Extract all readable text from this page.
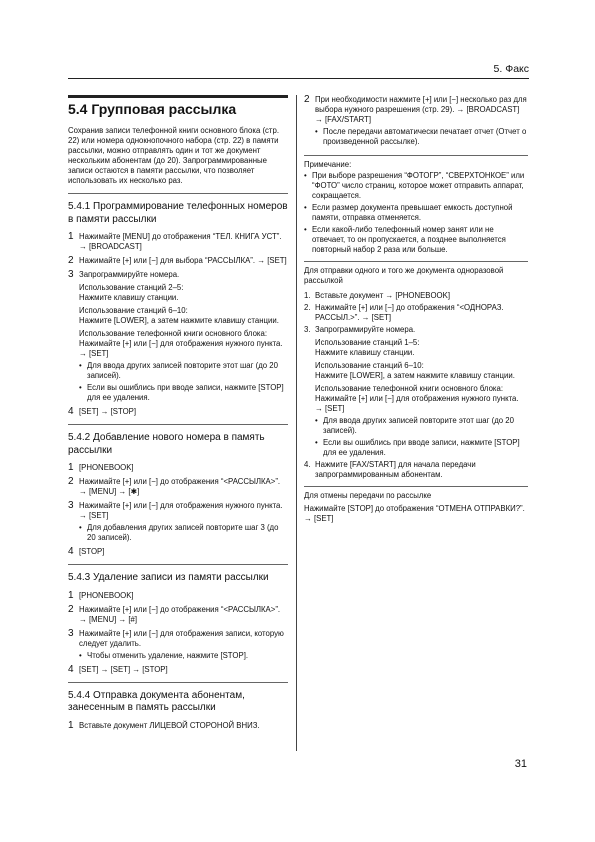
5. Факс
5.4 Групповая рассылка

Сохранив записи телефонной книги основного блока (стр. 22) или номера однокнопочного набора (стр. 22) в памяти рассылки, можно отправлять один и тот же документ нескольким абонентам (до 20). Запрограммированные записи остаются в памяти рассылки, что позволяет использовать их несколько раз.

5.4.1 Программирование телефонных номеров в памяти рассылки
1 Нажимайте [MENU] до отображения “ТЕЛ. КНИГА УСТ”. → [BROADCAST]
2 Нажимайте [+] или [−] для выбора “РАССЫЛКА”. → [SET]
3 Запрограммируйте номера.
Использование станций 2–5:
Нажмите клавишу станции.
Использование станций 6–10:
Нажмите [LOWER], а затем нажмите клавишу станции.
Использование телефонной книги основного блока:
Нажимайте [+] или [−] для отображения нужного пункта. → [SET]
• Для ввода других записей повторите этот шаг (до 20 записей).
• Если вы ошиблись при вводе записи, нажмите [STOP] для ее удаления.
4 [SET] → [STOP]
5.4.2 Добавление нового номера в память рассылки
1 [PHONEBOOK]
2 Нажимайте [+] или [−] до отображения “<РАССЫЛКА>”. → [MENU] → [✱]
3 Нажимайте [+] или [−] для отображения нужного пункта. → [SET]
• Для добавления других записей повторите шаг 3 (до 20 записей).
4 [STOP]
5.4.3 Удаление записи из памяти рассылки
1 [PHONEBOOK]
2 Нажимайте [+] или [−] до отображения “<РАССЫЛКА>”. → [MENU] → [#]
3 Нажимайте [+] или [−] для отображения записи, которую следует удалить.
• Чтобы отменить удаление, нажмите [STOP].
4 [SET] → [SET] → [STOP]
5.4.4 Отправка документа абонентам, занесенным в память рассылки
1 Вставьте документ ЛИЦЕВОЙ СТОРОНОЙ ВНИЗ.
2 При необходимости нажмите [+] или [−] несколько раз для выбора нужного разрешения (стр. 29). → [BROADCAST] → [FAX/START]
• После передачи автоматически печатает отчет (Отчет о произведенной рассылке).
Примечание:
• При выборе разрешения “ФОТОГР”, “СВЕРХТОНКОЕ” или “ФОТО” число страниц, которое может отправить аппарат, сокращается.
• Если размер документа превышает емкость доступной памяти, отправка отменяется.
• Если какой-либо телефонный номер занят или не отвечает, то он пропускается, а позднее выполняется повторный набор 2 раза или больше.
Для отправки одного и того же документа одноразовой рассылкой
1. Вставьте документ → [PHONEBOOK]
2. Нажимайте [+] или [−] до отображения “<ОДНОРАЗ. РАССЫЛ.>”. → [SET]
3. Запрограммируйте номера.
Использование станций 1–5:
Нажмите клавишу станции.
Использование станций 6–10:
Нажмите [LOWER], а затем нажмите клавишу станции.
Использование телефонной книги основного блока:
Нажимайте [+] или [−] для отображения нужного пункта. → [SET]
• Для ввода других записей повторите этот шаг (до 20 записей).
• Если вы ошиблись при вводе записи, нажмите [STOP] для ее удаления.
4. Нажмите [FAX/START] для начала передачи запрограммированным абонентам.
Для отмены передачи по рассылке
Нажимайте [STOP] до отображения “ОТМЕНА ОТПРАВКИ?”. → [SET]
31
